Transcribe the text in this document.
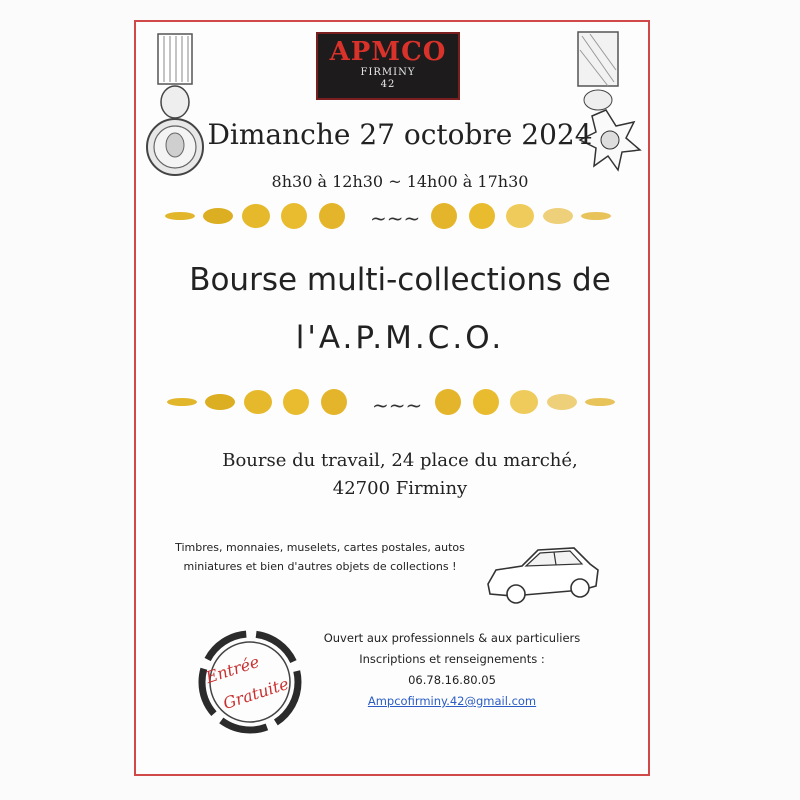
APMCO
FIRMINY
42
Dimanche 27 octobre 2024
8h30 à 12h30 ~ 14h00 à 17h30
~~~
Bourse multi-collections de
l'A.P.M.C.O.
~~~
Bourse du travail, 24 place du marché,
42700 Firminy
Timbres, monnaies, muselets, cartes postales, autos
miniatures et bien d'autres objets de collections !
Entrée
Gratuite
Ouvert aux professionnels & aux particuliers
Inscriptions et renseignements :
06.78.16.80.05
Ampcofirminy.42@gmail.com
